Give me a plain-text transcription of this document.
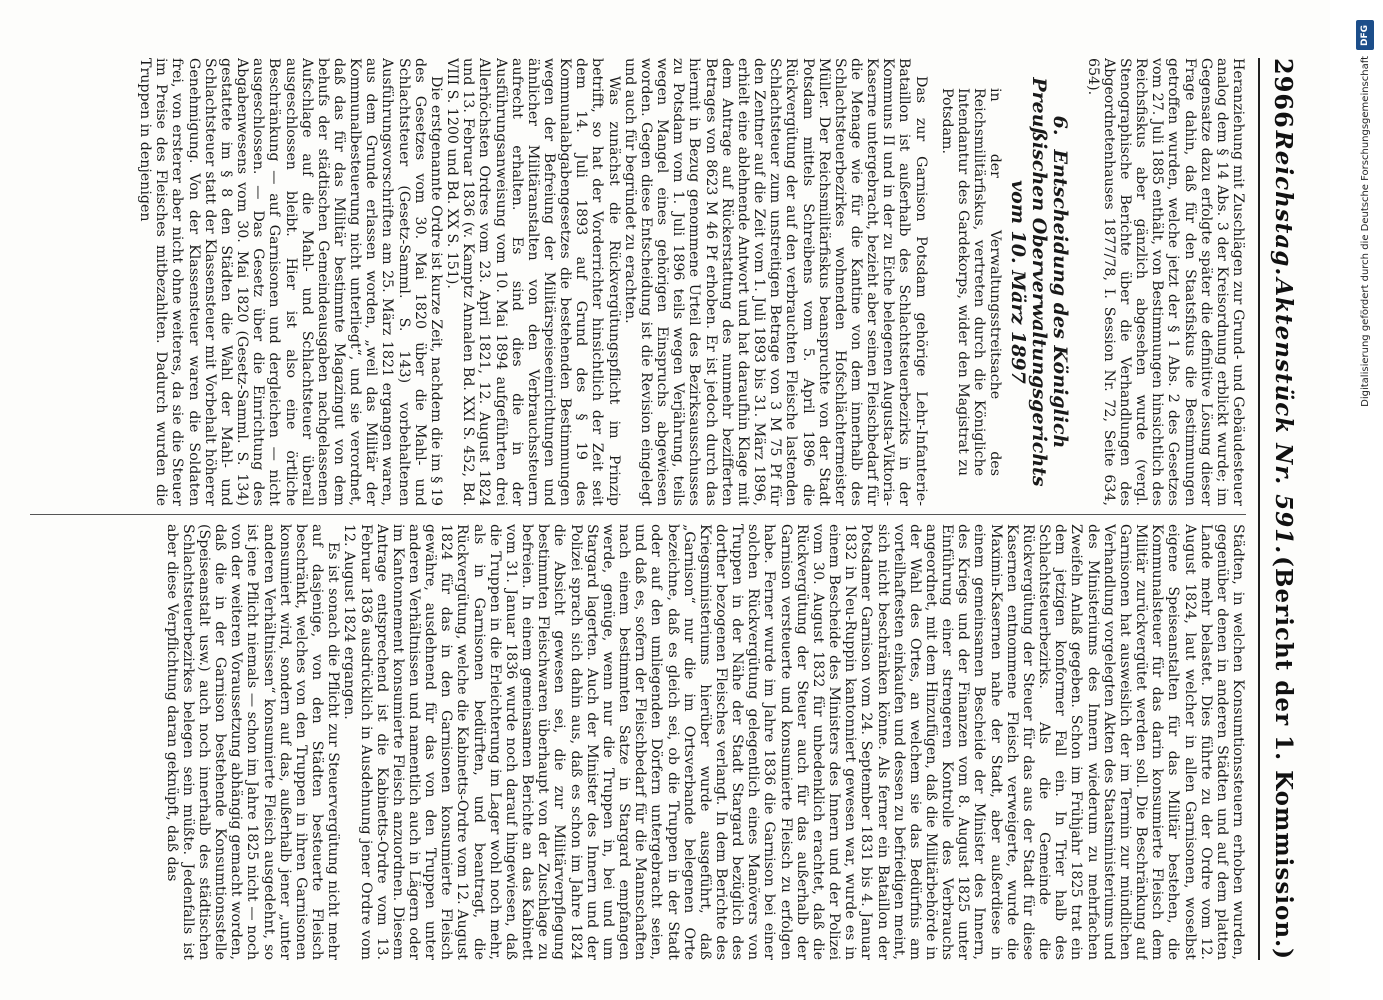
2966
Reichstag.
Aktenstück Nr. 591.
(Bericht der 1. Kommission.)

Heranziehung mit Zuschlägen zur Grund- und Gebäudesteuer analog dem § 14 Abs. 3 der Kreisordnung erblickt wurde; im Gegensatze dazu erfolgte später die definitive Lösung dieser Frage dahin, daß für den Staatsfiskus die Bestimmungen getroffen wurden, welche jetzt der § 1 Abs. 2 des Gesetzes vom 27. Juli 1885 enthält, von Bestimmungen hinsichtlich des Reichsfiskus aber gänzlich abgesehen wurde (vergl. Stenographische Berichte über die Verhandlungen des Abgeordnetenhauses 1877/78, I. Session Nr. 72, Seite 634, 654).

6.Entscheidung des Königlich Preußischen Oberverwaltungsgerichts vom 10. März 1897
in der Verwaltungsstreitsache des Reichsmilitärfiskus, vertreten durch die Königliche Intendantur des Gardekorps, wider den Magistrat zu Potsdam.

Das zur Garnison Potsdam gehörige Lehr-Infanterie-Bataillon ist außerhalb des Schlachtsteuerbezirks in der Kommuns II und in der zu Eiche belegenen Augusta-Viktoria-Kaserne untergebracht, bezieht aber seinen Fleischbedarf für die Menage wie für die Kantine von dem innerhalb des Schlachtsteuerbezirkes wohnenden Hofschlächtermeister Müller. Der Reichsmilitärfiskus beanspruchte von der Stadt Potsdam mittels Schreibens vom 5. April 1896 die Rückvergütung der auf den verbrauchten Fleische lastenden Schlachtsteuer zum unstreitigen Betrage von 3 M 75 Pf für den Zentner auf die Zeit vom 1. Juli 1893 bis 31. März 1896, erhielt eine ablehnende Antwort und hat daraufhin Klage mit dem Antrage auf Rückerstattung des nunmehr bezifferten Betrages von 8623 M 46 Pf erhoben. Er ist jedoch durch das hiermit in Bezug genommene Urteil des Bezirksausschusses zu Potsdam vom 1. Juli 1896 teils wegen Verjährung, teils wegen Mangel eines gehörigen Einspruchs abgewiesen worden. Gegen diese Entscheidung ist die Revision eingelegt und auch für begründet zu erachten.

Was zunächst die Rückvergütungspflicht im Prinzip betrifft, so hat der Vorderrichter hinsichtlich der Zeit seit dem 14. Juli 1893 auf Grund des § 19 des Kommunalabgabengesetzes die bestehenden Bestimmungen wegen der Befreiung der Militärspeiseeinrichtungen und ähnlicher Militäranstalten von den Verbrauchssteuern aufrecht erhalten. Es sind dies die in der Ausführungsanweisung vom 10. Mai 1894 aufgeführten drei Allerhöchsten Ordres vom 23. April 1821, 12. August 1824 und 13. Februar 1836 (v. Kamptz Annalen Bd. XXI S. 452, Bd. VIII S. 1200 und Bd. XX S. 151).

Die erstgenannte Ordre ist kurze Zeit, nachdem die im § 19 des Gesetzes vom 30. Mai 1820 über die Mahl- und Schlachtsteuer (Gesetz-Samml. S. 143) vorbehaltenen Ausführungsvorschriften am 25. März 1821 ergangen waren, aus dem Grunde erlassen worden, „weil das Militär der Kommunalbesteuerung nicht unterliegt“, und sie verordnet, daß das für das Militär bestimmte Magazingut von dem behufs der städtischen Gemeindeausgaben nachgelassenen Aufschlage auf die Mahl- und Schlachtsteuer überall ausgeschlossen bleibt. Hier ist also eine örtliche Beschränkung — auf Garnisonen und dergleichen — nicht ausgeschlossen. — Das Gesetz über die Einrichtung des Abgabenwesens vom 30. Mai 1820 (Gesetz-Samml. S. 134) gestattete im § 8 den Städten die Wahl der Mahl- und Schlachtsteuer statt der Klassensteuer mit Vorbehalt höherer Genehmigung. Von der Klassensteuer waren die Soldaten frei, von ersterer aber nicht ohne weiteres, da sie die Steuer im Preise des Fleisches mitbezahlten. Dadurch wurden die Truppen in denjenigen

Städten, in welchen Konsumtionssteuern erhoben wurden, gegenüber denen in anderen Städten und auf dem platten Lande mehr belastet. Dies führte zu der Ordre vom 12. August 1824, laut welcher in allen Garnisonen, woselbst eigene Speiseanstalten für das Militär bestehen, die Kommunalsteuer für das darin konsumierte Fleisch dem Militär zurückvergütet werden soll. Die Beschränkung auf Garnisonen hat ausweislich der im Termin zur mündlichen Verhandlung vorgelegten Akten des Staatsministeriums und des Ministeriums des Innern wiederum zu mehrfachen Zweifeln Anlaß gegeben. Schon im Frühjahr 1825 trat ein dem jetzigen konformer Fall ein. In Trier halb des Schlachtsteuerbezirks. Als die Gemeinde die Rückvergütung der Steuer für das aus der Stadt für diese Kasernen entnommene Fleisch verweigerte, wurde die Maximin-Kasernen nahe der Stadt, aber außerdiese in einem gemeinsamen Bescheide der Minister des Innern, des Kriegs und der Finanzen vom 8. August 1825 unter Einführung einer strengeren Kontrolle des Verbrauchs angeordnet, mit dem Hinzufügen, daß die Militärbehörde in der Wahl des Ortes, an welchem sie das Bedürfnis am vorteilhaftesten einkaufen und dessen zu befriedigen meint, sich nicht beschränken könne. Als ferner ein Bataillon der Potsdamer Garnison vom 24. September 1831 bis 4. Januar 1832 in Neu-Ruppin kantonniert gewesen war, wurde es in einem Bescheide des Ministers des Innern und der Polizei vom 30. August 1832 für unbedenklich erachtet, daß die Rückvergütung der Steuer auch für das außerhalb der Garnison versteuerte und konsumierte Fleisch zu erfolgen habe. Ferner wurde im Jahre 1836 die Garnison bei einer solchen Rückvergütung gelegentlich eines Manövers von Truppen in der Nähe der Stadt Stargard bezüglich des dorther bezogenen Fleisches verlangt. In dem Berichte des Kriegsministeriums hierüber wurde ausgeführt, daß „Garnison“ nur die im Ortsverbande belegenen Orte bezeichne, daß es gleich sei, ob die Truppen in der Stadt oder auf den umliegenden Dörfern untergebracht seien, und daß es, sofern der Fleischbedarf für die Mannschaften nach einem bestimmten Satze in Stargard empfangen werde, genüge, wenn nur die Truppen in, bei und um Stargard lagerten. Auch der Minister des Innern und der Polizei sprach sich dahin aus, daß es schon im Jahre 1824 die Absicht gewesen sei, die zur Militärverpflegung bestimmten Fleischwaren überhaupt von der Zuschlage zu befreien. In einem gemeinsamen Berichte an das Kabinett vom 31. Januar 1836 wurde noch darauf hingewiesen, daß die Truppen in die Erleichterung im Lager wohl noch mehr, als in Garnisonen bedürften, und beantragt, die Rückvergütung, welche die Kabinetts-Ordre vom 12. August 1824 für das in den Garnisonen konsumierte Fleisch gewähre, ausdehnend für das von den Truppen unter anderen Verhältnissen und namentlich auch in Lägern oder im Kantonnement konsumierte Fleisch anzuordnen. Diesem Antrage entsprechend ist die Kabinetts-Ordre vom 13. Februar 1836 ausdrücklich in Ausdehnung jener Ordre vom 12. August 1824 ergangen.

Es ist sonach die Pflicht zur Steuervergütung nicht mehr auf dasjenige, von den Städten besteuerte Fleisch beschränkt, welches von den Truppen in ihren Garnisonen konsumiert wird, sondern auf das, außerhalb jener „unter anderen Verhältnissen“ konsumierte Fleisch ausgedehnt, so ist jene Pflicht niemals — schon im Jahre 1825 nicht — noch von der weiteren Voraussetzung abhängig gemacht worden, daß die in der Garnison bestehende Konsumtionsstelle (Speiseanstalt usw.) auch noch innerhalb des städtischen Schlachtsteuerbezirkes belegen sein müßte. Jedenfalls ist aber diese Verpflichtung daran geknüpft, daß das

DFG
Digitalisierung gefördert durch die Deutsche Forschungsgemeinschaft
